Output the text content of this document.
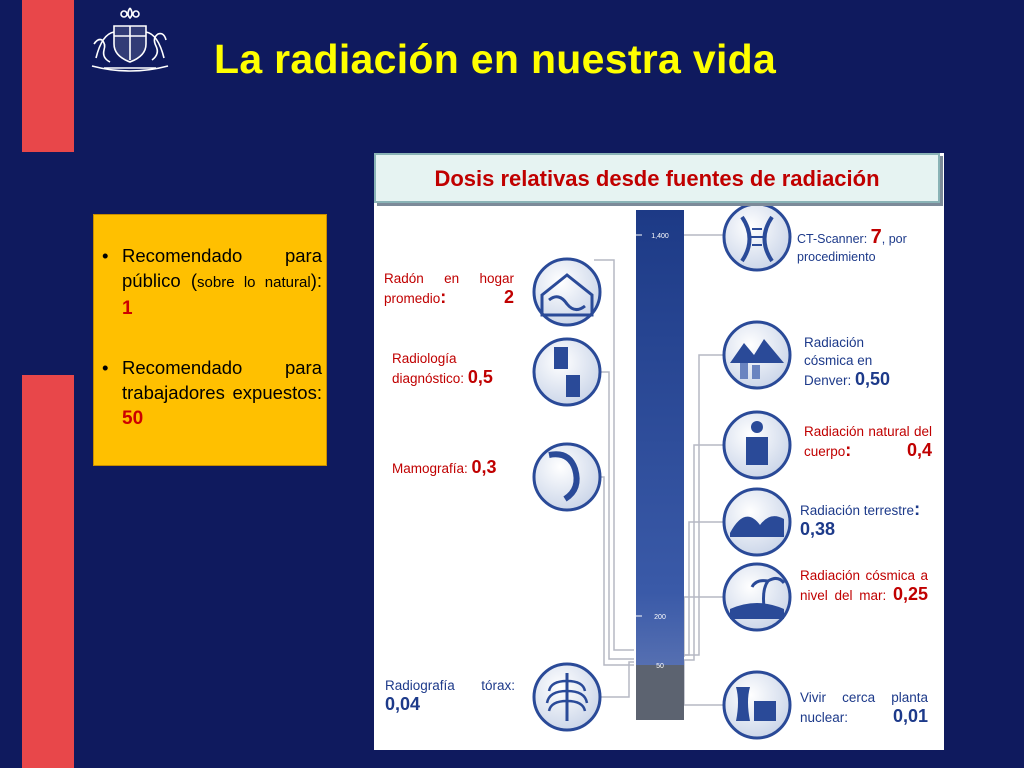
La radiación en nuestra vida
• Recomendado para público (sobre lo natural): 1
• Recomendado para trabajadores expuestos: 50
1,400
200
50
Dosis relativas desde fuentes de radiación
Radón en hogar promedio: 2
Radiología diagnóstico: 0,5
Mamografía: 0,3
Radiografía tórax:
0,04
CT-Scanner: 7, por procedimiento
Radiación cósmica en Denver: 0,50
Radiación natural del cuerpo: 0,4
Radiación terrestre: 0,38
Radiación cósmica a nivel del mar: 0,25
Vivir cerca planta nuclear: 0,01
